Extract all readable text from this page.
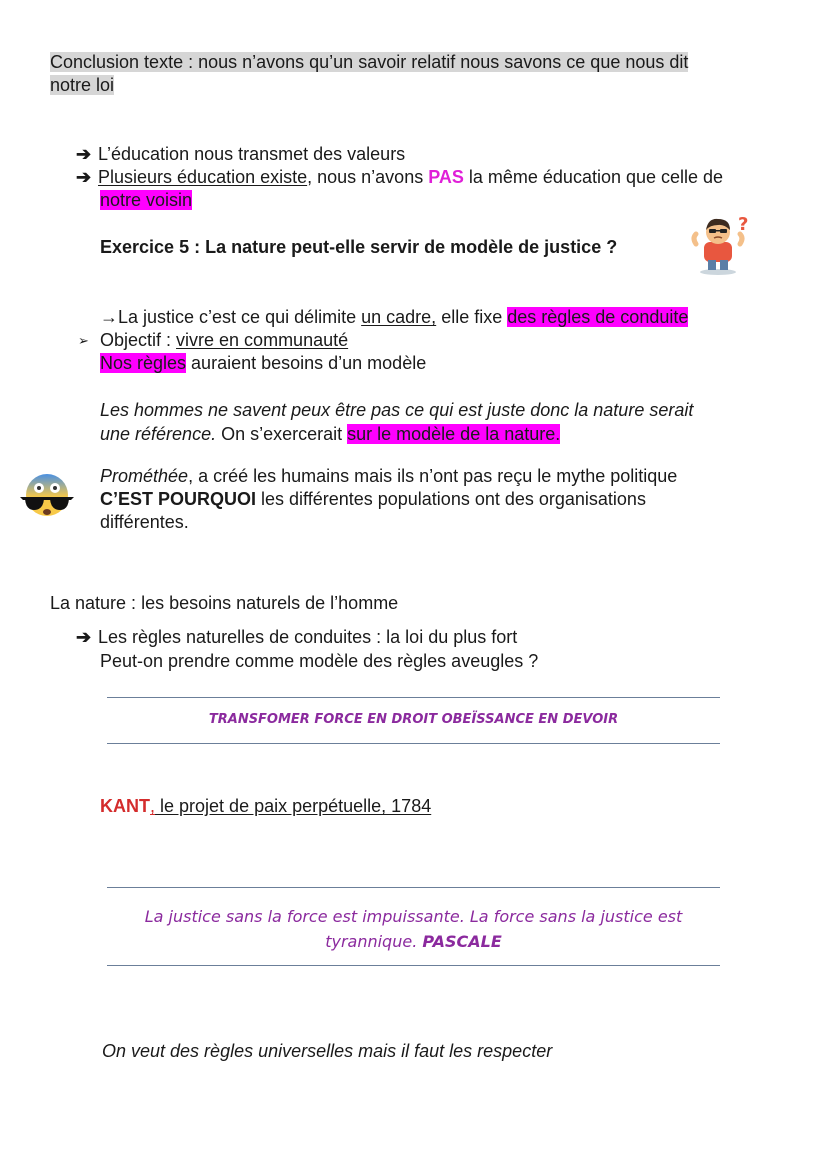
Conclusion texte : nous n’avons qu’un savoir relatif nous savons ce que nous dit
notre loi
➔ L’éducation nous transmet des valeurs
➔ Plusieurs éducation existe, nous n’avons PAS la même éducation que celle de
notre voisin
Exercice 5 : La nature peut-elle servir de modèle de justice ?
?
→La justice c’est ce qui délimite un cadre, elle fixe des règles de conduite
➢ Objectif : vivre en communauté
Nos règles auraient besoins d’un modèle
Les hommes ne savent peux être pas ce qui est juste donc la nature serait
une référence. On s’exercerait sur le modèle de la nature.
Prométhée, a créé les humains mais ils n’ont pas reçu le mythe politique
C’EST POURQUOI les différentes populations ont des organisations
différentes.
La nature : les besoins naturels de l’homme
➔ Les règles naturelles de conduites : la loi du plus fort
Peut-on prendre comme modèle des règles aveugles ?
TRANSFOMER FORCE EN DROIT OBEÏSSANCE EN DEVOIR
KANT, le projet de paix perpétuelle, 1784
La justice sans la force est impuissante. La force sans la justice est
tyrannique. PASCALE
On veut des règles universelles mais il faut les respecter
